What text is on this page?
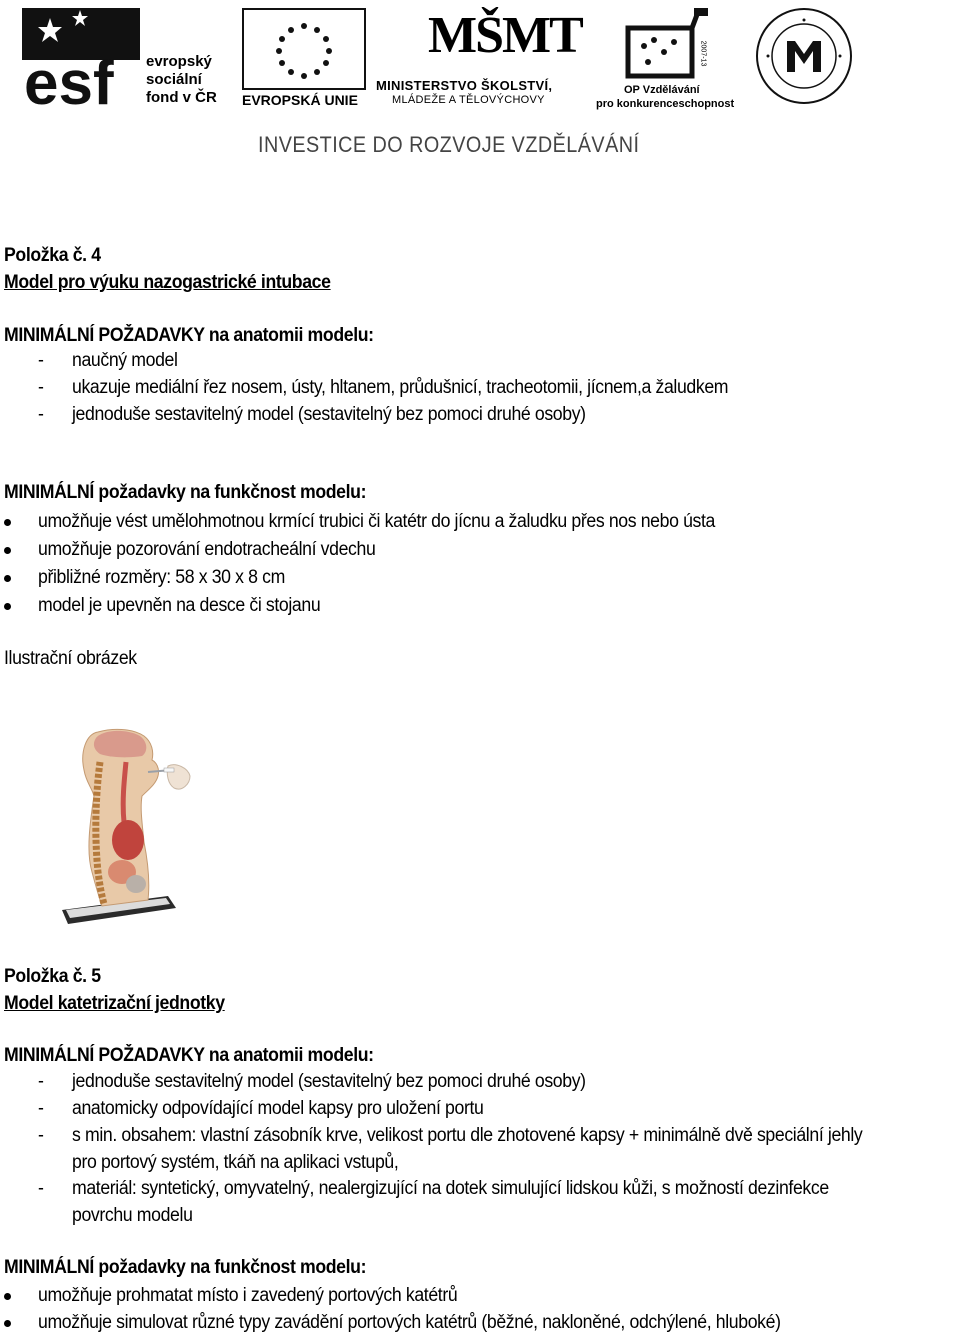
esf evropský
sociální
fond v ČR EVROPSKÁ UNIE
MŠMT
MINISTERSTVO ŠKOLSTVÍ,
MLÁDEŽE A TĚLOVÝCHOVY
2007-13
OP Vzdělávání
pro konkurenceschopnost
INVESTICE DO ROZVOJE VZDĚLÁVÁNÍ
Položka č. 4
Model pro výuku nazogastrické intubace
MINIMÁLNÍ POŽADAVKY na anatomii modelu:
- naučný model
- ukazuje mediální řez nosem, ústy, hltanem, průdušnicí, tracheotomii, jícnem,a žaludkem
- jednoduše sestavitelný model (sestavitelný bez pomoci druhé osoby)
MINIMÁLNÍ požadavky na funkčnost modelu:
umožňuje vést umělohmotnou krmící trubici či katétr do jícnu a žaludku přes nos nebo ústa
umožňuje pozorování endotracheální vdechu
přibližné rozměry: 58 x 30 x 8 cm
model je upevněn na desce či stojanu
Ilustrační obrázek
Položka č. 5
Model katetrizační jednotky
MINIMÁLNÍ POŽADAVKY na anatomii modelu:
- jednoduše sestavitelný model (sestavitelný bez pomoci druhé osoby)
- anatomicky odpovídající model kapsy pro uložení portu
- s min. obsahem: vlastní zásobník krve, velikost portu dle zhotovené kapsy + minimálně dvě speciální jehly
pro portový systém, tkáň na aplikaci vstupů,
- materiál: syntetický, omyvatelný, nealergizující na dotek simulující lidskou kůži, s možností dezinfekce
povrchu modelu
MINIMÁLNÍ požadavky na funkčnost modelu:
umožňuje prohmatat místo i zavedený portových katétrů
umožňuje simulovat různé typy zavádění portových katétrů (běžné, nakloněné, odchýlené, hluboké)
